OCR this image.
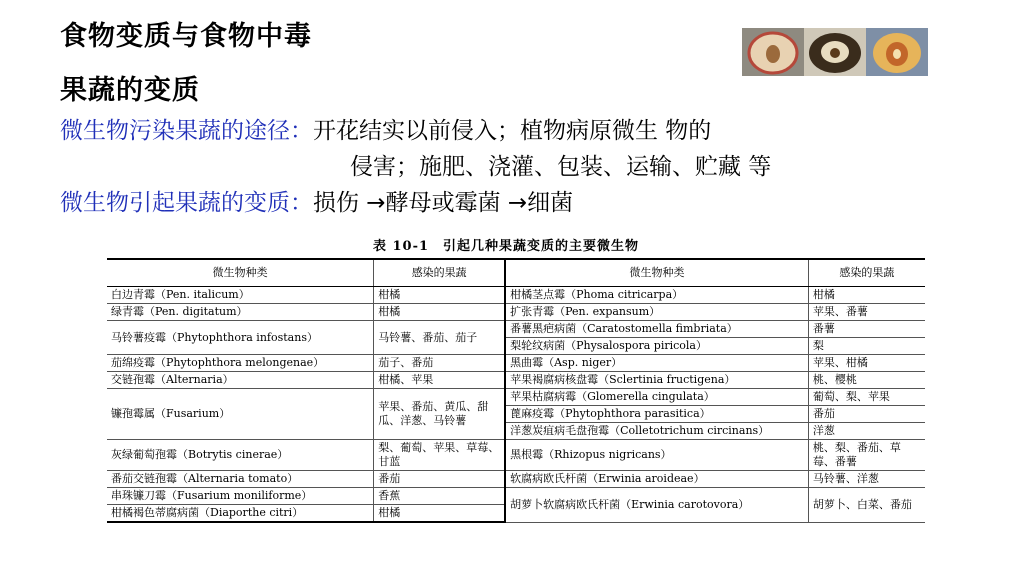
食物变质与食物中毒
果蔬的变质
微生物污染果蔬的途径：开花结实以前侵入；植物病原微生 物的
侵害；施肥、浇灌、包装、运输、贮藏 等
微生物引起果蔬的变质：损伤 →酵母或霉菌 →细菌
表 10-1　引起几种果蔬变质的主要微生物
微生物种类	感染的果蔬	微生物种类	感染的果蔬
白边青霉（Pen. italicum）	柑橘	柑橘茎点霉（Phoma citricarpa）	柑橘
绿青霉（Pen. digitatum）	柑橘	扩张青霉（Pen. expansum）	苹果、番薯
马铃薯疫霉（Phytophthora infostans）	马铃薯、番茄、茄子	番薯黑疤病菌（Caratostomella fimbriata）	番薯
		梨轮纹病菌（Physalospora piricola）	梨
茄绵疫霉（Phytophthora melongenae）	茄子、番茄	黑曲霉（Asp. niger）	苹果、柑橘
交链孢霉（Alternaria）	柑橘、苹果	苹果褐腐病核盘霉（Sclertinia fructigena）	桃、樱桃
镰孢霉属（Fusarium）	苹果、番茄、黄瓜、甜瓜、洋葱、马铃薯	苹果枯腐病霉（Glomerella cingulata）	葡萄、梨、苹果
		蓖麻疫霉（Phytophthora parasitica）	番茄
		洋葱炭疽病毛盘孢霉（Colletotrichum circinans）	洋葱
灰绿葡萄孢霉（Botrytis cinerae）	梨、葡萄、苹果、草莓、甘蓝	黑根霉（Rhizopus nigricans）	桃、梨、番茄、草莓、番薯
番茄交链孢霉（Alternaria tomato）	番茄	软腐病欧氏杆菌（Erwinia aroideae）	马铃薯、洋葱
串珠镰刀霉（Fusarium moniliforme）	香蕉	胡萝卜软腐病欧氏杆菌（Erwinia carotovora）	胡萝卜、白菜、番茄
柑橘褐色蒂腐病菌（Diaporthe citri）	柑橘		
